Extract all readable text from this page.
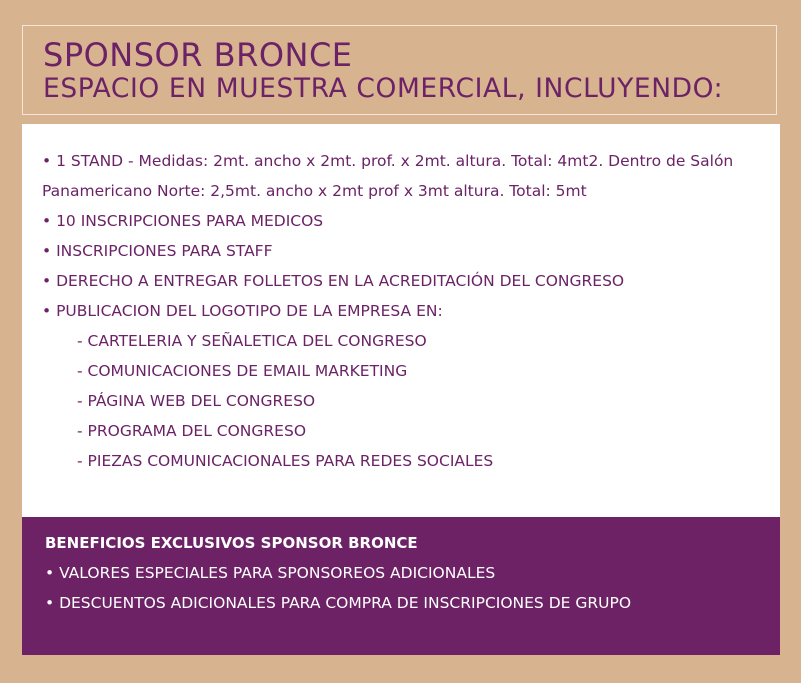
SPONSOR BRONCE
ESPACIO EN MUESTRA COMERCIAL, INCLUYENDO:
• 1 STAND - Medidas: 2mt. ancho x 2mt. prof. x 2mt. altura. Total: 4mt2. Dentro de Salón
Panamericano Norte: 2,5mt. ancho x 2mt prof x 3mt altura. Total: 5mt
• 10 INSCRIPCIONES PARA MEDICOS
• INSCRIPCIONES PARA STAFF
• DERECHO A ENTREGAR FOLLETOS EN LA ACREDITACIÓN DEL CONGRESO
• PUBLICACION DEL LOGOTIPO DE LA EMPRESA EN:
- CARTELERIA Y SEÑALETICA DEL CONGRESO
- COMUNICACIONES DE EMAIL MARKETING
- PÁGINA WEB DEL CONGRESO
- PROGRAMA DEL CONGRESO
- PIEZAS COMUNICACIONALES PARA REDES SOCIALES
BENEFICIOS EXCLUSIVOS SPONSOR BRONCE
• VALORES ESPECIALES PARA SPONSOREOS ADICIONALES
• DESCUENTOS ADICIONALES PARA COMPRA DE INSCRIPCIONES DE GRUPO
